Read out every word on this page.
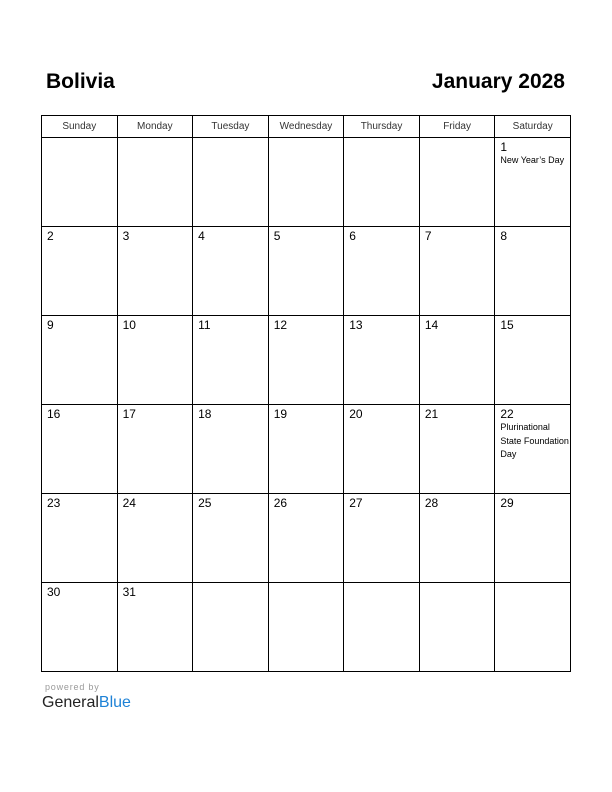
Bolivia	January 2028
Sunday	Monday	Tuesday	Wednesday	Thursday	Friday	Saturday

						1
New Year’s Day

2	3	4	5	6	7	8

9	10	11	12	13	14	15

16	17	18	19	20	21	22
Plurinational State Foundation Day

23	24	25	26	27	28	29

30	31					

powered by
GeneralBlue
